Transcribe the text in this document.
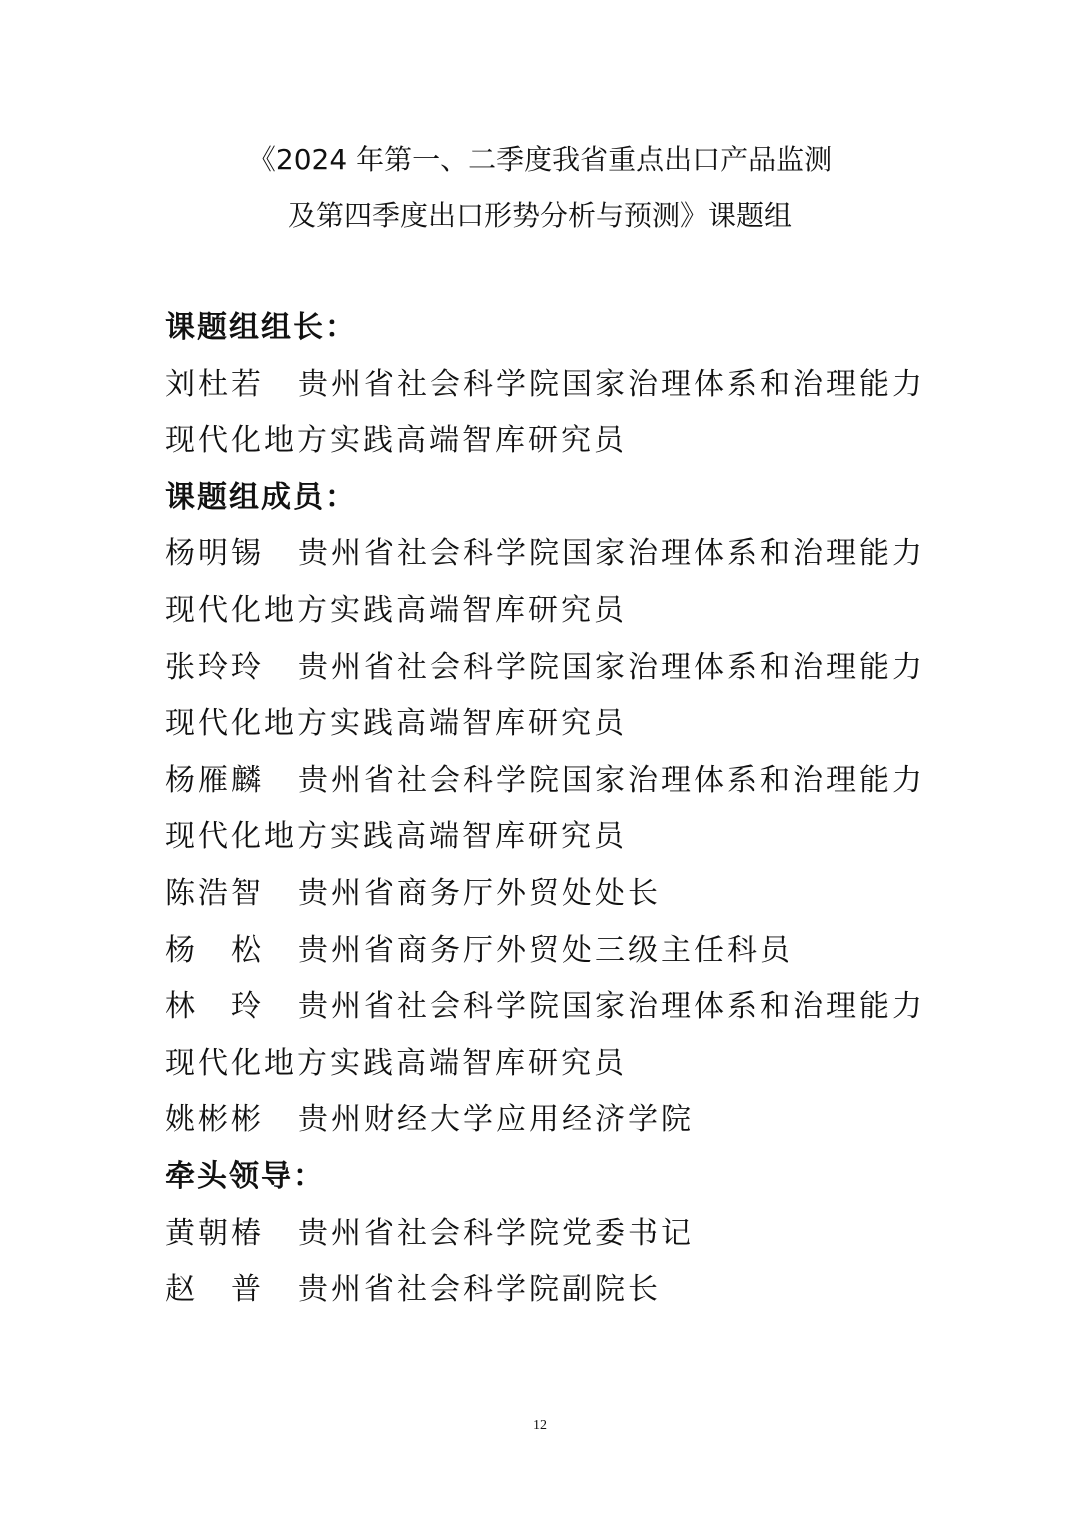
《2024 年第一、二季度我省重点出口产品监测
及第四季度出口形势分析与预测》课题组
课题组组长：
刘杜若 贵州省社会科学院国家治理体系和治理能力
现代化地方实践高端智库研究员
课题组成员：
杨明锡 贵州省社会科学院国家治理体系和治理能力
现代化地方实践高端智库研究员
张玲玲 贵州省社会科学院国家治理体系和治理能力
现代化地方实践高端智库研究员
杨雁麟 贵州省社会科学院国家治理体系和治理能力
现代化地方实践高端智库研究员
陈浩智 贵州省商务厅外贸处处长
杨松贵州省商务厅外贸处三级主任科员
林玲贵州省社会科学院国家治理体系和治理能力
现代化地方实践高端智库研究员
姚彬彬 贵州财经大学应用经济学院
牵头领导：
黄朝椿 贵州省社会科学院党委书记
赵普贵州省社会科学院副院长
12
